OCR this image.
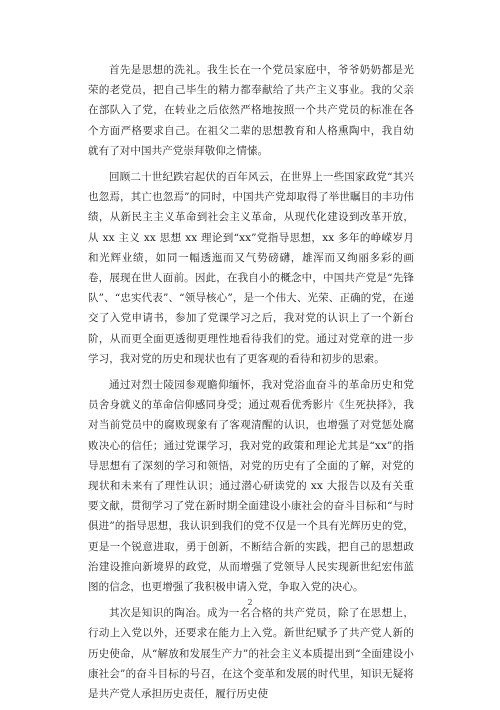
首先是思想的洗礼。我生长在一个党员家庭中，爷爷奶奶都是光荣的老党员，把自己毕生的精力都奉献给了共产主义事业。我的父亲在部队入了党，在转业之后依然严格地按照一个共产党员的标准在各个方面严格要求自己。在祖父二辈的思想教育和人格熏陶中，我自幼就有了对中国共产党崇拜敬仰之情愫。

回顾二十世纪跌宕起伏的百年风云，在世界上一些国家政党“其兴也忽焉，其亡也忽焉”的同时，中国共产党却取得了举世瞩目的丰功伟绩，从新民主主义革命到社会主义革命，从现代化建设到改革开放，从 xx 主义 xx 思想 xx 理论到“xx”党指导思想，xx 多年的峥嵘岁月和光辉业绩，如同一幅透迤而又气势磅礴，雄浑而又绚丽多彩的画卷，展现在世人面前。因此，在我自小的概念中，中国共产党是“先锋队”、“忠实代表”、“领导核心”，是一个伟大、光荣、正确的党，在递交了入党申请书，参加了党课学习之后，我对党的认识上了一个新台阶，从而更全面更透彻更理性地看待我们的党。通过对党章的进一步学习，我对党的历史和现状也有了更客观的看待和初步的思索。

通过对烈士陵园参观瞻仰缅怀，我对党浴血奋斗的革命历史和党员舍身就义的革命信仰感同身受；通过观看优秀影片《生死抉择》，我对当前党员中的腐败现象有了客观清醒的认识，也增强了对党惩处腐败决心的信任；通过党课学习，我对党的政策和理论尤其是“xx”的指导思想有了深刻的学习和领悟，对党的历史有了全面的了解，对党的现状和未来有了理性认识；通过潜心研读党的 xx 大报告以及有关重要文献，贯彻学习了党在新时期全面建设小康社会的奋斗目标和“与时俱进”的指导思想，我认识到我们的党不仅是一个具有光辉历史的党，更是一个锐意进取，勇于创新，不断结合新的实践，把自己的思想政治建设推向新境界的政党，从而增强了党领导人民实现新世纪宏伟蓝图的信念，也更增强了我积极申请入党，争取入党的决心。

其次是知识的陶冶。成为一名合格的共产党员，除了在思想上，行动上入党以外，还要求在能力上入党。新世纪赋予了共产党人新的历史使命，从“解放和发展生产力”的社会主义本质提出到“全面建设小康社会”的奋斗目标的号召，在这个变革和发展的时代里，知识无疑将是共产党人承担历史责任，履行历史使

2
